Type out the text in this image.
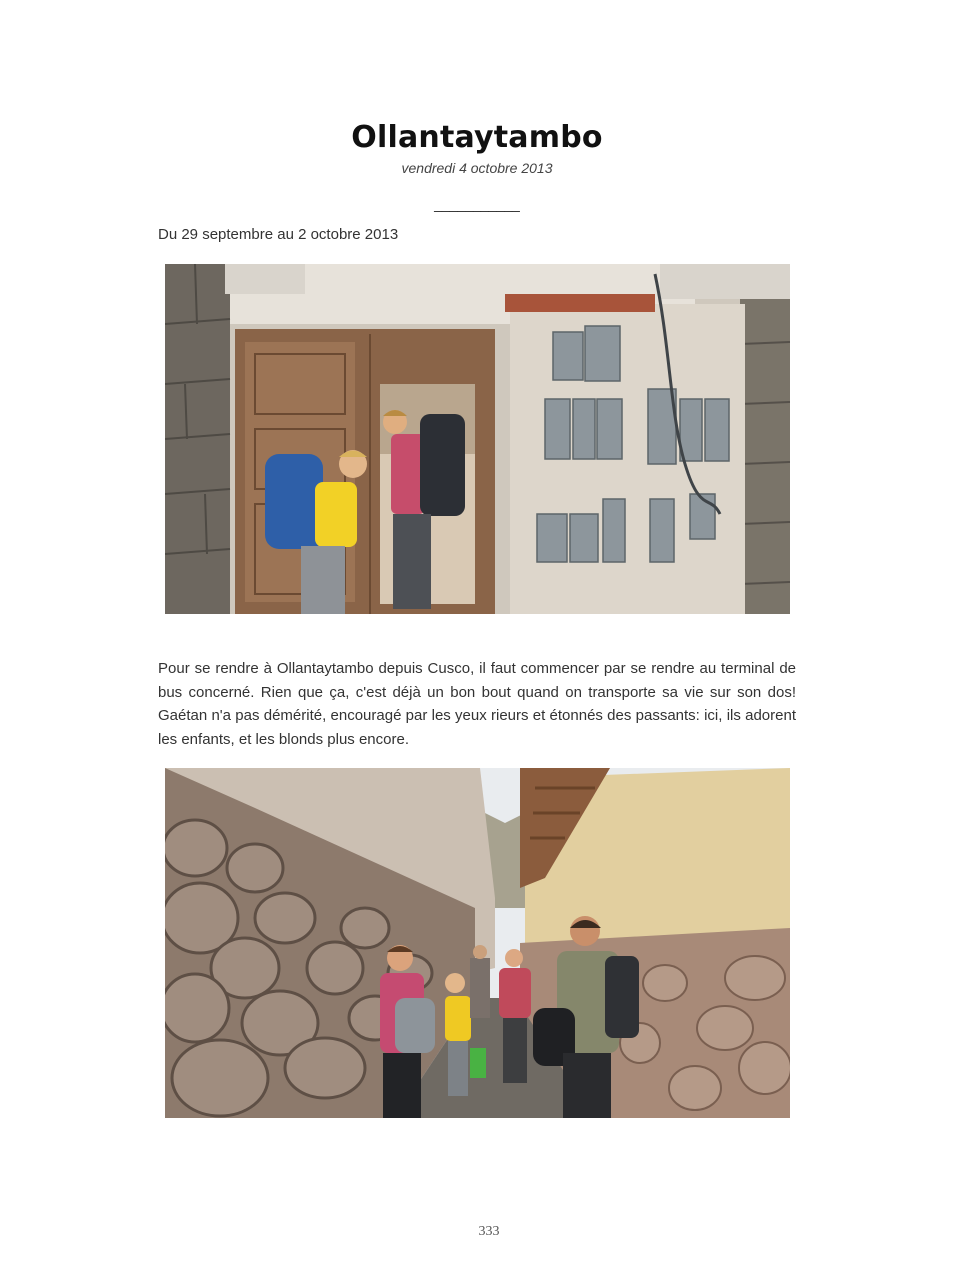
Ollantaytambo
vendredi 4 octobre 2013
___________
Du 29 septembre au 2 octobre 2013
Pour se rendre à Ollantaytambo depuis Cusco, il faut commencer par se rendre au terminal de bus concerné. Rien que ça, c'est déjà un bon bout quand on transporte sa vie sur son dos! Gaétan n'a pas démérité, encouragé par les yeux rieurs et étonnés des passants: ici, ils adorent les enfants, et les blonds plus encore.
333
